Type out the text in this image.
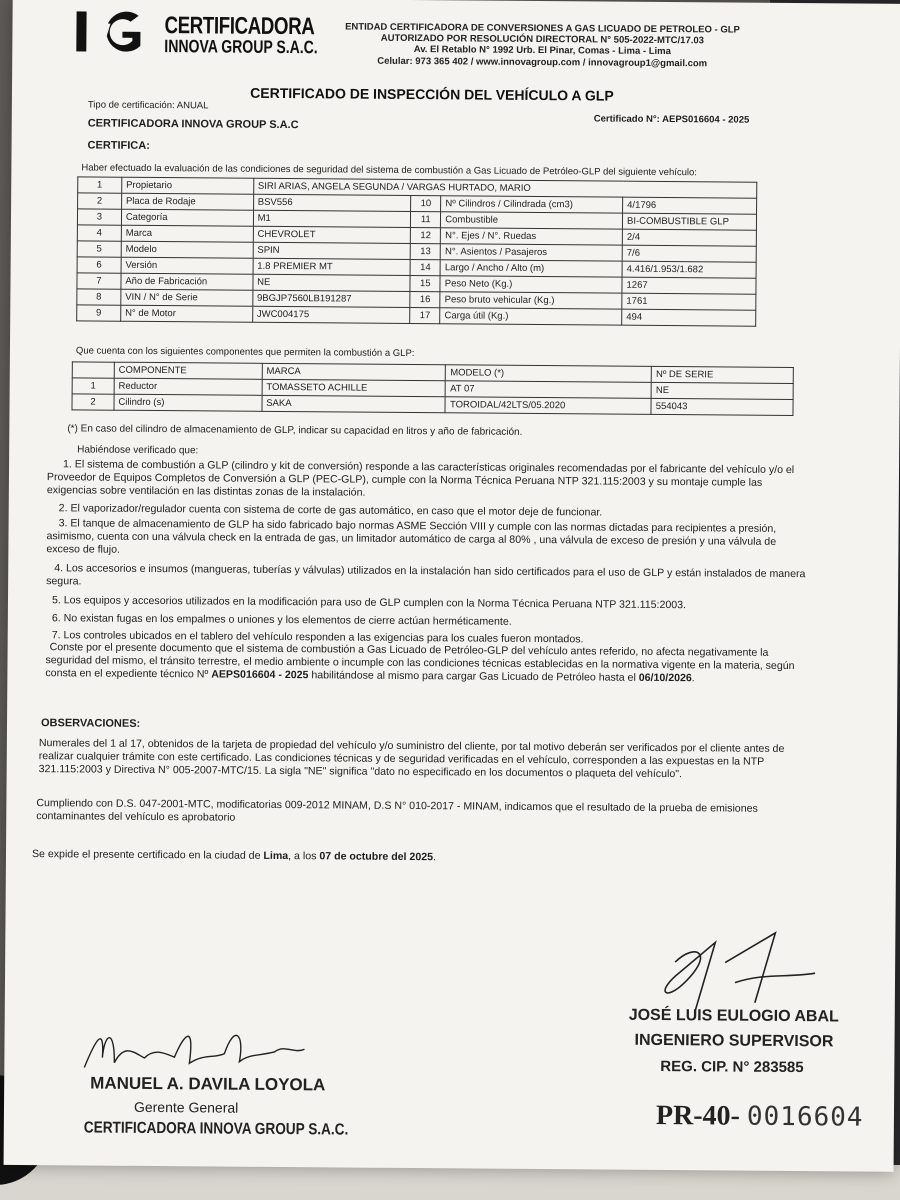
CERTIFICADORA
INNOVA GROUP S.A.C.
ENTIDAD CERTIFICADORA DE CONVERSIONES A GAS LICUADO DE PETROLEO - GLP
AUTORIZADO POR RESOLUCIÓN DIRECTORAL N° 505-2022-MTC/17.03
Av. El Retablo N° 1992 Urb. El Pinar, Comas - Lima - Lima
Celular: 973 365 402 / www.innovagroup.com / innovagroup1@gmail.com
CERTIFICADO DE INSPECCIÓN DEL VEHÍCULO A GLP
Tipo de certificación: ANUAL
Certificado N°: AEPS016604 - 2025
CERTIFICADORA INNOVA GROUP S.A.C
CERTIFICA:
Haber efectuado la evaluación de las condiciones de seguridad del sistema de combustión a Gas Licuado de Petróleo-GLP del siguiente vehículo:
1	Propietario	SIRI ARIAS, ANGELA SEGUNDA / VARGAS HURTADO, MARIO			
2	Placa de Rodaje	BSV556	10	Nº Cilindros / Cilindrada (cm3)	4/1796
3	Categoría	M1	11	Combustible	BI-COMBUSTIBLE GLP
4	Marca	CHEVROLET	12	N°. Ejes / N°. Ruedas	2/4
5	Modelo	SPIN	13	N°. Asientos / Pasajeros	7/6
6	Versión	1.8 PREMIER MT	14	Largo / Ancho / Alto (m)	4.416/1.953/1.682
7	Año de Fabricación	NE	15	Peso Neto (Kg.)	1267
8	VIN / N° de Serie	9BGJP7560LB191287	16	Peso bruto vehicular (Kg.)	1761
9	N° de Motor	JWC004175	17	Carga útil (Kg.)	494
Que cuenta con los siguientes componentes que permiten la combustión a GLP:
	COMPONENTE	MARCA	MODELO (*)	Nº DE SERIE
1	Reductor	TOMASSETO ACHILLE	AT 07	NE
2	Cilindro (s)	SAKA	TOROIDAL/42LTS/05.2020	554043
(*) En caso del cilindro de almacenamiento de GLP, indicar su capacidad en litros y año de fabricación.
Habiéndose verificado que:
1. El sistema de combustión a GLP (cilindro y kit de conversión) responde a las características originales recomendadas por el fabricante del vehículo y/o el Proveedor de Equipos Completos de Conversión a GLP (PEC-GLP), cumple con la Norma Técnica Peruana NTP 321.115:2003 y su montaje cumple las exigencias sobre ventilación en las distintas zonas de la instalación.
2. El vaporizador/regulador cuenta con sistema de corte de gas automático, en caso que el motor deje de funcionar.
3. El tanque de almacenamiento de GLP ha sido fabricado bajo normas ASME Sección VIII y cumple con las normas dictadas para recipientes a presión, asimismo, cuenta con una válvula check en la entrada de gas, un limitador automático de carga al 80% , una válvula de exceso de presión y una válvula de exceso de flujo.
4. Los accesorios e insumos (mangueras, tuberías y válvulas) utilizados en la instalación han sido certificados para el uso de GLP y están instalados de manera segura.
5. Los equipos y accesorios utilizados en la modificación para uso de GLP cumplen con la Norma Técnica Peruana NTP 321.115:2003.
6. No existan fugas en los empalmes o uniones y los elementos de cierre actúan herméticamente.
7. Los controles ubicados en el tablero del vehículo responden a las exigencias para los cuales fueron montados.
Conste por el presente documento que el sistema de combustión a Gas Licuado de Petróleo-GLP del vehículo antes referido, no afecta negativamente la seguridad del mismo, el tránsito terrestre, el medio ambiente o incumple con las condiciones técnicas establecidas en la normativa vigente en la materia, según consta en el expediente técnico Nº AEPS016604 - 2025 habilitándose al mismo para cargar Gas Licuado de Petróleo hasta el 06/10/2026.
OBSERVACIONES:
Numerales del 1 al 17, obtenidos de la tarjeta de propiedad del vehículo y/o suministro del cliente, por tal motivo deberán ser verificados por el cliente antes de realizar cualquier trámite con este certificado. Las condiciones técnicas y de seguridad verificadas en el vehículo, corresponden a las expuestas en la NTP 321.115:2003 y Directiva N° 005-2007-MTC/15. La sigla "NE" significa "dato no especificado en los documentos o plaqueta del vehículo".
Cumpliendo con D.S. 047-2001-MTC, modificatorias 009-2012 MINAM, D.S N° 010-2017 - MINAM, indicamos que el resultado de la prueba de emisiones contaminantes del vehículo es aprobatorio
Se expide el presente certificado en la ciudad de Lima, a los 07 de octubre del 2025.
JOSÉ LUIS EULOGIO ABAL
INGENIERO SUPERVISOR
REG. CIP. N° 283585
MANUEL A. DAVILA LOYOLA
Gerente General
CERTIFICADORA INNOVA GROUP S.A.C.	PR-40- 0016604
